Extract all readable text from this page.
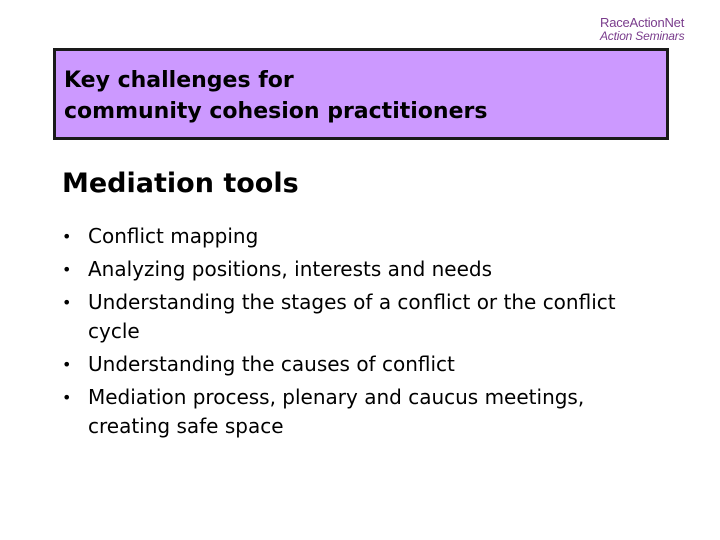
RaceActionNet
Action Seminars
Key challenges for
community cohesion practitioners
Mediation tools
• Conflict mapping
• Analyzing positions, interests and needs
• Understanding the stages of a conflict or the conflict cycle
• Understanding the causes of conflict
• Mediation process, plenary and caucus meetings, creating safe space
